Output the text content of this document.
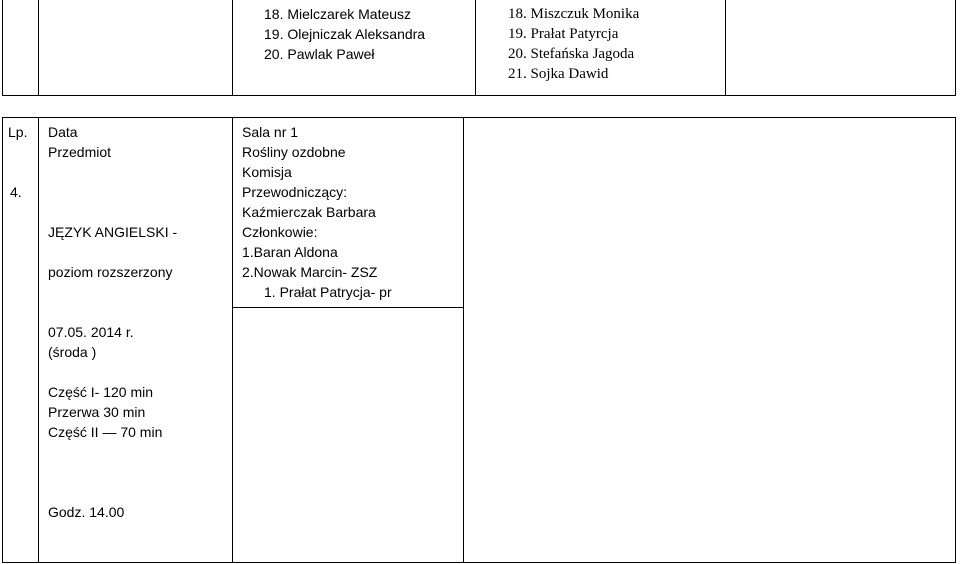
18. Mielczarek Mateusz
19. Olejniczak Aleksandra
20. Pawlak Paweł
18. Miszczuk Monika
19. Prałat Patyrcja
20. Stefańska Jagoda
21. Sojka Dawid
Lp.
4.
Data
Przedmiot
JĘZYK ANGIELSKI -
poziom rozszerzony
07.05. 2014 r.
(środa )
Część I- 120 min
Przerwa 30 min
Część II — 70 min
Godz. 14.00
Sala nr 1
Rośliny ozdobne
Komisja
Przewodniczący:
Kaźmierczak Barbara
Członkowie:
1.Baran Aldona
2.Nowak Marcin- ZSZ
1. Prałat Patrycja- pr
